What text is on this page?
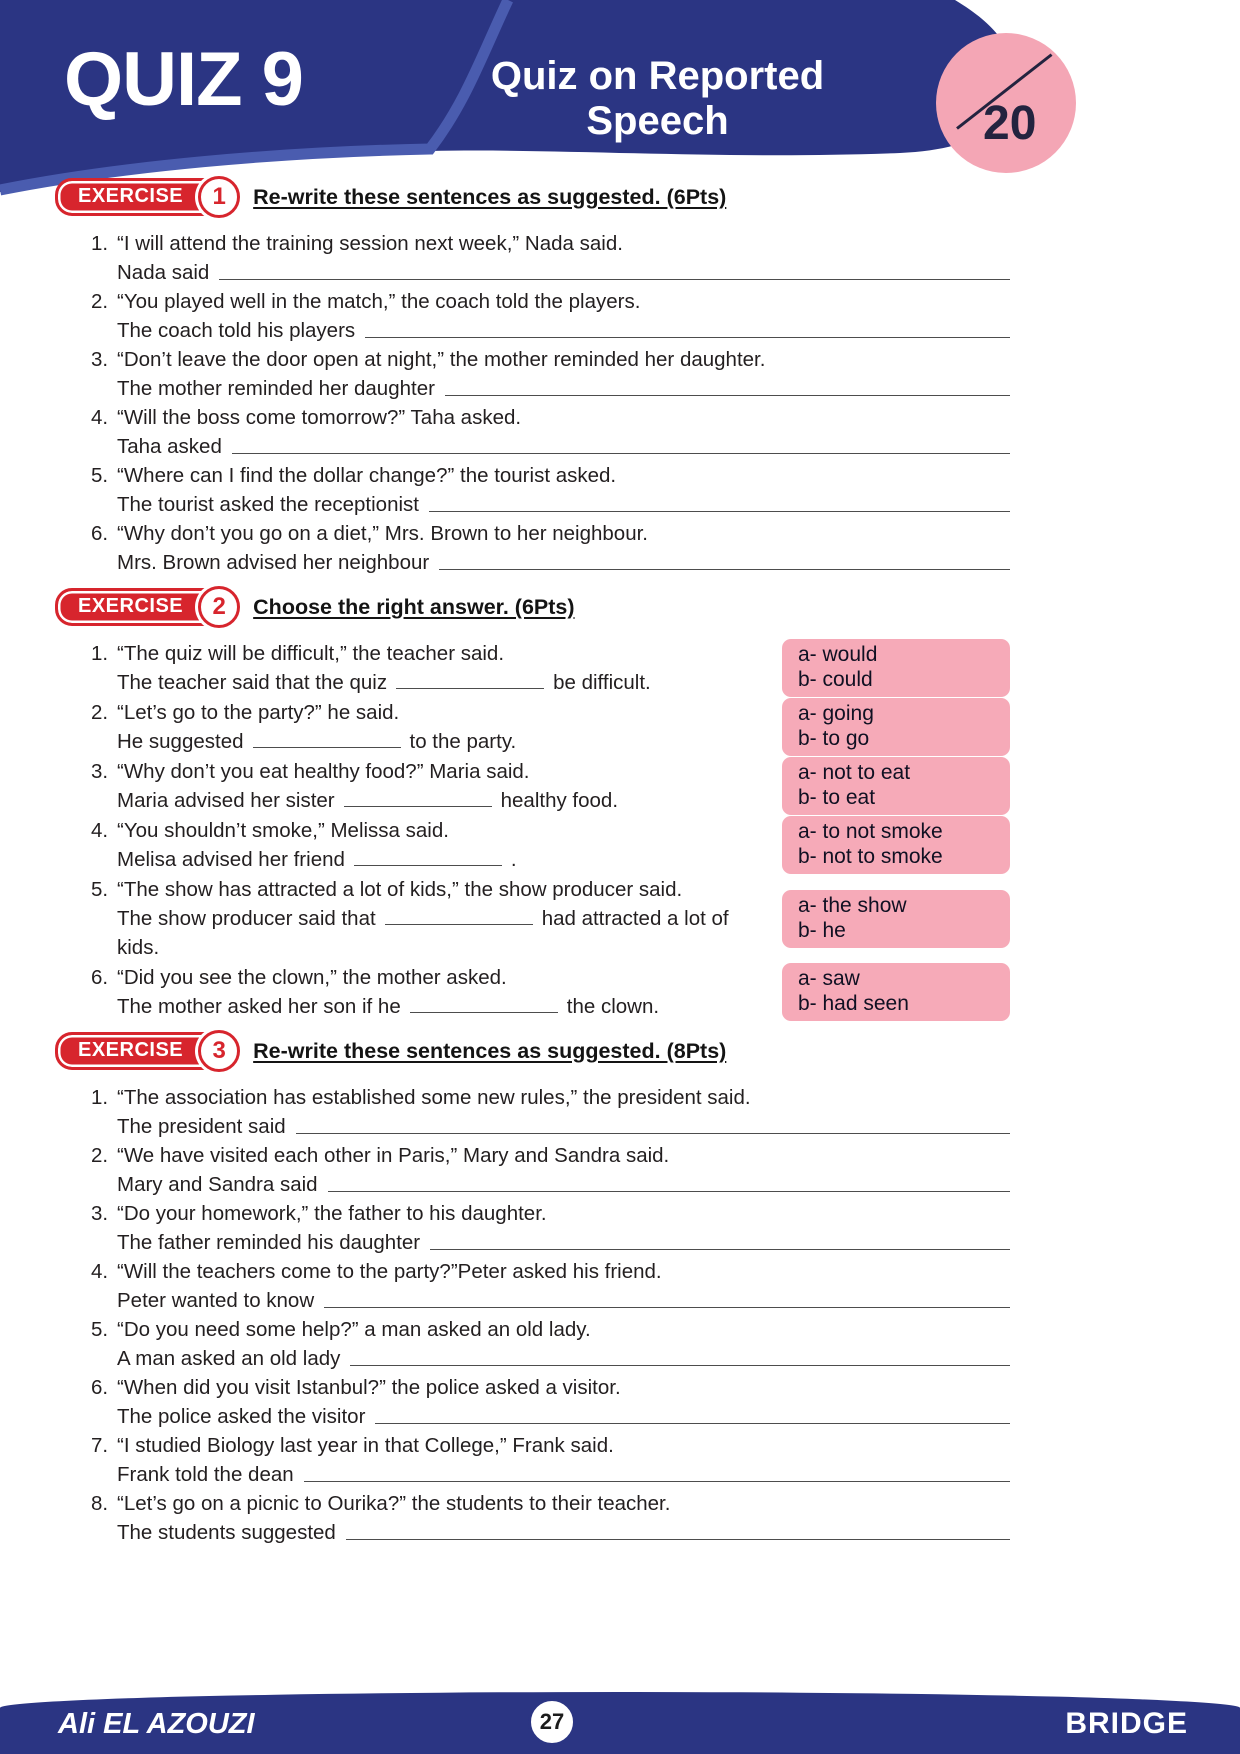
QUIZ 9	Quiz on Reported Speech	20
EXERCISE	1	Re-write these sentences as suggested. (6Pts)
1. “I will attend the training session next week,” Nada said.
Nada said
2. “You played well in the match,” the coach told the players.
The coach told his players
3. “Don’t leave the door open at night,” the mother reminded her daughter.
The mother reminded her daughter
4. “Will the boss come tomorrow?” Taha asked.
Taha asked
5. “Where can I find the dollar change?” the tourist asked.
The tourist asked the receptionist
6. “Why don’t you go on a diet,” Mrs. Brown to her neighbour.
Mrs. Brown advised her neighbour
EXERCISE	2	Choose the right answer. (6Pts)
1. “The quiz will be difficult,” the teacher said.
The teacher said that the quiz	be difficult.
a- would
b- could
2. “Let’s go to the party?” he said.
He suggested	to the party.
a- going
b- to go
3. “Why don’t you eat healthy food?” Maria said.
Maria advised her sister	healthy food.
a- not to eat
b- to eat
4. “You shouldn’t smoke,” Melissa said.
Melisa advised her friend	.
a- to not smoke
b- not to smoke
5. “The show has attracted a lot of kids,” the show producer said.
The show producer said that	had attracted a lot of kids.
a- the show
b- he
6. “Did you see the clown,” the mother asked.
The mother asked her son if he	the clown.
a- saw
b- had seen
EXERCISE	3	Re-write these sentences as suggested. (8Pts)
1. “The association has established some new rules,” the president said.
The president said
2. “We have visited each other in Paris,” Mary and Sandra said.
Mary and Sandra said
3. “Do your homework,” the father to his daughter.
The father reminded his daughter
4. “Will the teachers come to the party?”Peter asked his friend.
Peter wanted to know
5. “Do you need some help?” a man asked an old lady.
A man asked an old lady
6. “When did you visit Istanbul?” the police asked a visitor.
The police asked the visitor
7. “I studied Biology last year in that College,” Frank said.
Frank told the dean
8. “Let’s go on a picnic to Ourika?” the students to their teacher.
The students suggested
Ali EL AZOUZI	27	BRIDGE
